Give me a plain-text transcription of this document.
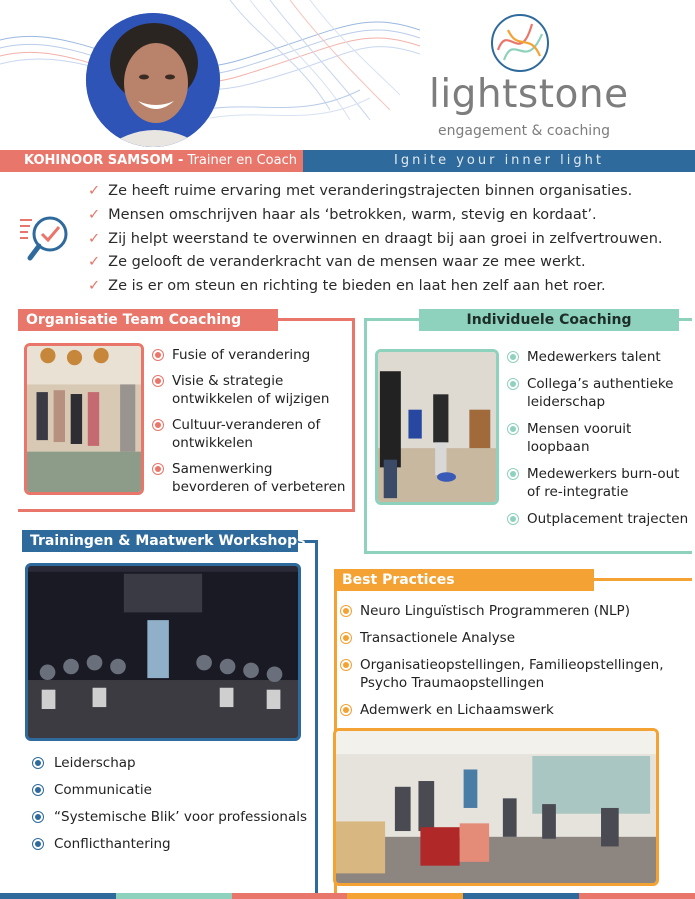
lightstone
engagement & coaching
KOHINOOR SAMSOM - Trainer en Coach	Ignite your inner light
✓ Ze heeft ruime ervaring met veranderingstrajecten binnen organisaties.
✓ Mensen omschrijven haar als ‘betrokken, warm, stevig en kordaat’.
✓ Zij helpt weerstand te overwinnen en draagt bij aan groei in zelfvertrouwen.
✓ Ze gelooft de veranderkracht van de mensen waar ze mee werkt.
✓ Ze is er om steun en richting te bieden en laat hen zelf aan het roer.
Organisatie Team Coaching	Individuele Coaching
Trainingen & Maatwerk Workshops
Best Practices
Fusie of verandering
Visie & strategie ontwikkelen of wijzigen
Cultuur-veranderen of ontwikkelen
Samenwerking bevorderen of verbeteren
Medewerkers talent
Collega’s authentieke leiderschap
Mensen vooruit loopbaan
Medewerkers burn-out of re-integratie
Outplacement trajecten
Leiderschap
Communicatie
“Systemische Blik’ voor professionals
Conflicthantering
Neuro Linguïstisch Programmeren (NLP)
Transactionele Analyse
Organisatieopstellingen, Familieopstellingen, Psycho Traumaopstellingen
Ademwerk en Lichaamswerk
